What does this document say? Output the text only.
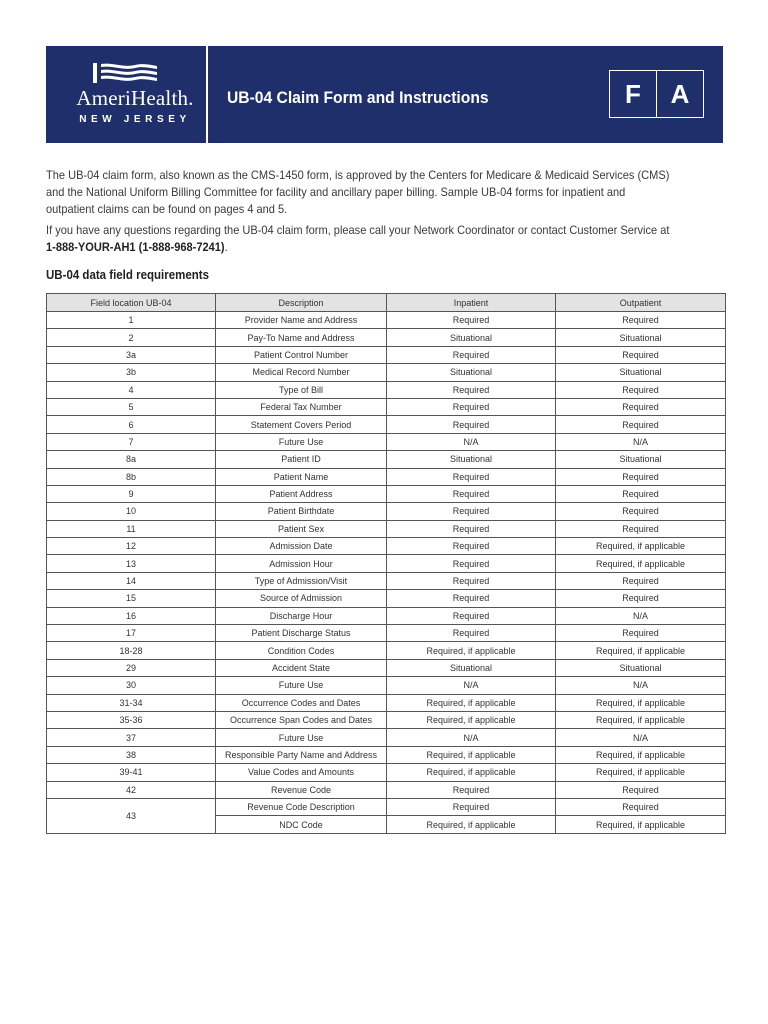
AmeriHealth.
NEW JERSEY
UB-04 Claim Form and Instructions	F	A

The UB-04 claim form, also known as the CMS-1450 form, is approved by the Centers for Medicare & Medicaid Services (CMS) and the National Uniform Billing Committee for facility and ancillary paper billing. Sample UB-04 forms for inpatient and outpatient claims can be found on pages 4 and 5.

If you have any questions regarding the UB-04 claim form, please call your Network Coordinator or contact Customer Service at 1-888-YOUR-AH1 (1-888-968-7241).

UB-04 data field requirements
Field location UB-04	Description	Inpatient	Outpatient
1	Provider Name and Address	Required	Required
2	Pay-To Name and Address	Situational	Situational
3a	Patient Control Number	Required	Required
3b	Medical Record Number	Situational	Situational
4	Type of Bill	Required	Required
5	Federal Tax Number	Required	Required
6	Statement Covers Period	Required	Required
7	Future Use	N/A	N/A
8a	Patient ID	Situational	Situational
8b	Patient Name	Required	Required
9	Patient Address	Required	Required
10	Patient Birthdate	Required	Required
11	Patient Sex	Required	Required
12	Admission Date	Required	Required, if applicable
13	Admission Hour	Required	Required, if applicable
14	Type of Admission/Visit	Required	Required
15	Source of Admission	Required	Required
16	Discharge Hour	Required	N/A
17	Patient Discharge Status	Required	Required
18-28	Condition Codes	Required, if applicable	Required, if applicable
29	Accident State	Situational	Situational
30	Future Use	N/A	N/A
31-34	Occurrence Codes and Dates	Required, if applicable	Required, if applicable
35-36	Occurrence Span Codes and Dates	Required, if applicable	Required, if applicable
37	Future Use	N/A	N/A
38	Responsible Party Name and Address	Required, if applicable	Required, if applicable
39-41	Value Codes and Amounts	Required, if applicable	Required, if applicable
42	Revenue Code	Required	Required
43	Revenue Code Description	Required	Required
	NDC Code	Required, if applicable	Required, if applicable
